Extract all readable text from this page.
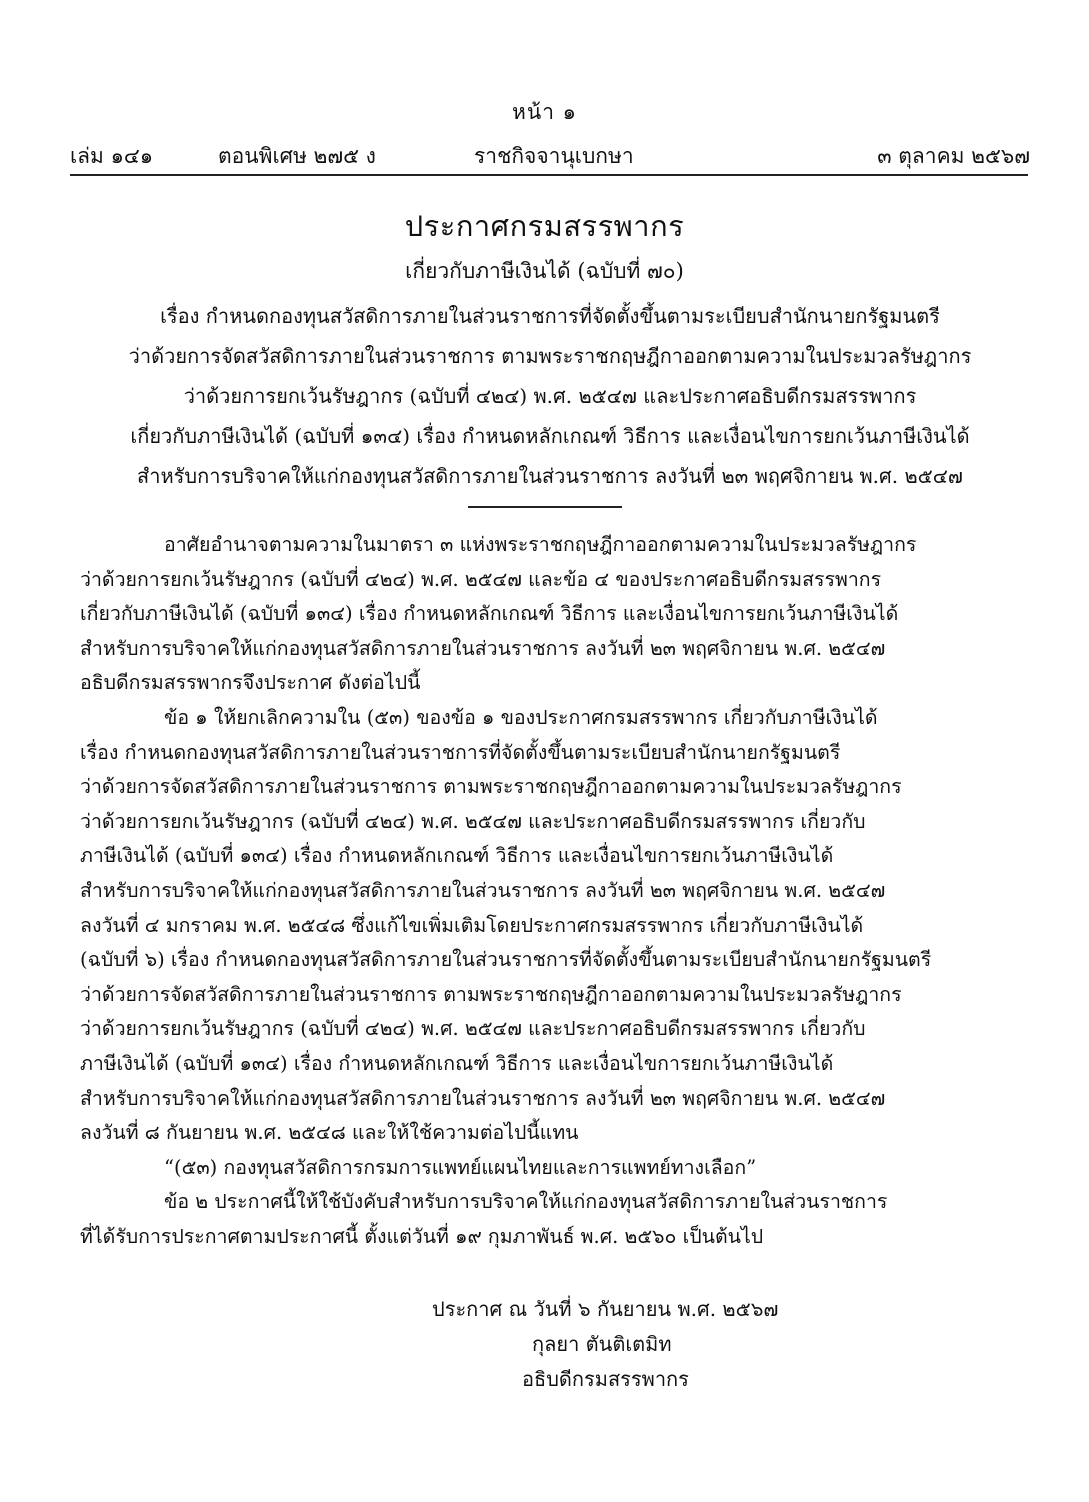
หน้า ๑
เล่ม ๑๔๑	ตอนพิเศษ ๒๗๕ ง	ราชกิจจานุเบกษา	๓ ตุลาคม ๒๕๖๗
ประกาศกรมสรรพากร
เกี่ยวกับภาษีเงินได้ (ฉบับที่ ๗๐)
เรื่อง กำหนดกองทุนสวัสดิการภายในส่วนราชการที่จัดตั้งขึ้นตามระเบียบสำนักนายกรัฐมนตรี
ว่าด้วยการจัดสวัสดิการภายในส่วนราชการ ตามพระราชกฤษฎีกาออกตามความในประมวลรัษฎากร
ว่าด้วยการยกเว้นรัษฎากร (ฉบับที่ ๔๒๔) พ.ศ. ๒๕๔๗ และประกาศอธิบดีกรมสรรพากร
เกี่ยวกับภาษีเงินได้ (ฉบับที่ ๑๓๔) เรื่อง กำหนดหลักเกณฑ์ วิธีการ และเงื่อนไขการยกเว้นภาษีเงินได้
สำหรับการบริจาคให้แก่กองทุนสวัสดิการภายในส่วนราชการ ลงวันที่ ๒๓ พฤศจิกายน พ.ศ. ๒๕๔๗
อาศัยอำนาจตามความในมาตรา ๓ แห่งพระราชกฤษฎีกาออกตามความในประมวลรัษฎากร
ว่าด้วยการยกเว้นรัษฎากร (ฉบับที่ ๔๒๔) พ.ศ. ๒๕๔๗ และข้อ ๔ ของประกาศอธิบดีกรมสรรพากร
เกี่ยวกับภาษีเงินได้ (ฉบับที่ ๑๓๔) เรื่อง กำหนดหลักเกณฑ์ วิธีการ และเงื่อนไขการยกเว้นภาษีเงินได้
สำหรับการบริจาคให้แก่กองทุนสวัสดิการภายในส่วนราชการ ลงวันที่ ๒๓ พฤศจิกายน พ.ศ. ๒๕๔๗
อธิบดีกรมสรรพากรจึงประกาศ ดังต่อไปนี้
ข้อ ๑ ให้ยกเลิกความใน (๕๓) ของข้อ ๑ ของประกาศกรมสรรพากร เกี่ยวกับภาษีเงินได้
เรื่อง กำหนดกองทุนสวัสดิการภายในส่วนราชการที่จัดตั้งขึ้นตามระเบียบสำนักนายกรัฐมนตรี
ว่าด้วยการจัดสวัสดิการภายในส่วนราชการ ตามพระราชกฤษฎีกาออกตามความในประมวลรัษฎากร
ว่าด้วยการยกเว้นรัษฎากร (ฉบับที่ ๔๒๔) พ.ศ. ๒๕๔๗ และประกาศอธิบดีกรมสรรพากร เกี่ยวกับ
ภาษีเงินได้ (ฉบับที่ ๑๓๔) เรื่อง กำหนดหลักเกณฑ์ วิธีการ และเงื่อนไขการยกเว้นภาษีเงินได้
สำหรับการบริจาคให้แก่กองทุนสวัสดิการภายในส่วนราชการ ลงวันที่ ๒๓ พฤศจิกายน พ.ศ. ๒๕๔๗
ลงวันที่ ๔ มกราคม พ.ศ. ๒๕๔๘ ซึ่งแก้ไขเพิ่มเติมโดยประกาศกรมสรรพากร เกี่ยวกับภาษีเงินได้
(ฉบับที่ ๖) เรื่อง กำหนดกองทุนสวัสดิการภายในส่วนราชการที่จัดตั้งขึ้นตามระเบียบสำนักนายกรัฐมนตรี
ว่าด้วยการจัดสวัสดิการภายในส่วนราชการ ตามพระราชกฤษฎีกาออกตามความในประมวลรัษฎากร
ว่าด้วยการยกเว้นรัษฎากร (ฉบับที่ ๔๒๔) พ.ศ. ๒๕๔๗ และประกาศอธิบดีกรมสรรพากร เกี่ยวกับ
ภาษีเงินได้ (ฉบับที่ ๑๓๔) เรื่อง กำหนดหลักเกณฑ์ วิธีการ และเงื่อนไขการยกเว้นภาษีเงินได้
สำหรับการบริจาคให้แก่กองทุนสวัสดิการภายในส่วนราชการ ลงวันที่ ๒๓ พฤศจิกายน พ.ศ. ๒๕๔๗
ลงวันที่ ๘ กันยายน พ.ศ. ๒๕๔๘ และให้ใช้ความต่อไปนี้แทน
“(๕๓) กองทุนสวัสดิการกรมการแพทย์แผนไทยและการแพทย์ทางเลือก”
ข้อ ๒ ประกาศนี้ให้ใช้บังคับสำหรับการบริจาคให้แก่กองทุนสวัสดิการภายในส่วนราชการ
ที่ได้รับการประกาศตามประกาศนี้ ตั้งแต่วันที่ ๑๙ กุมภาพันธ์ พ.ศ. ๒๕๖๐ เป็นต้นไป
ประกาศ ณ วันที่ ๖ กันยายน พ.ศ. ๒๕๖๗
กุลยา ตันติเตมิท
อธิบดีกรมสรรพากร
